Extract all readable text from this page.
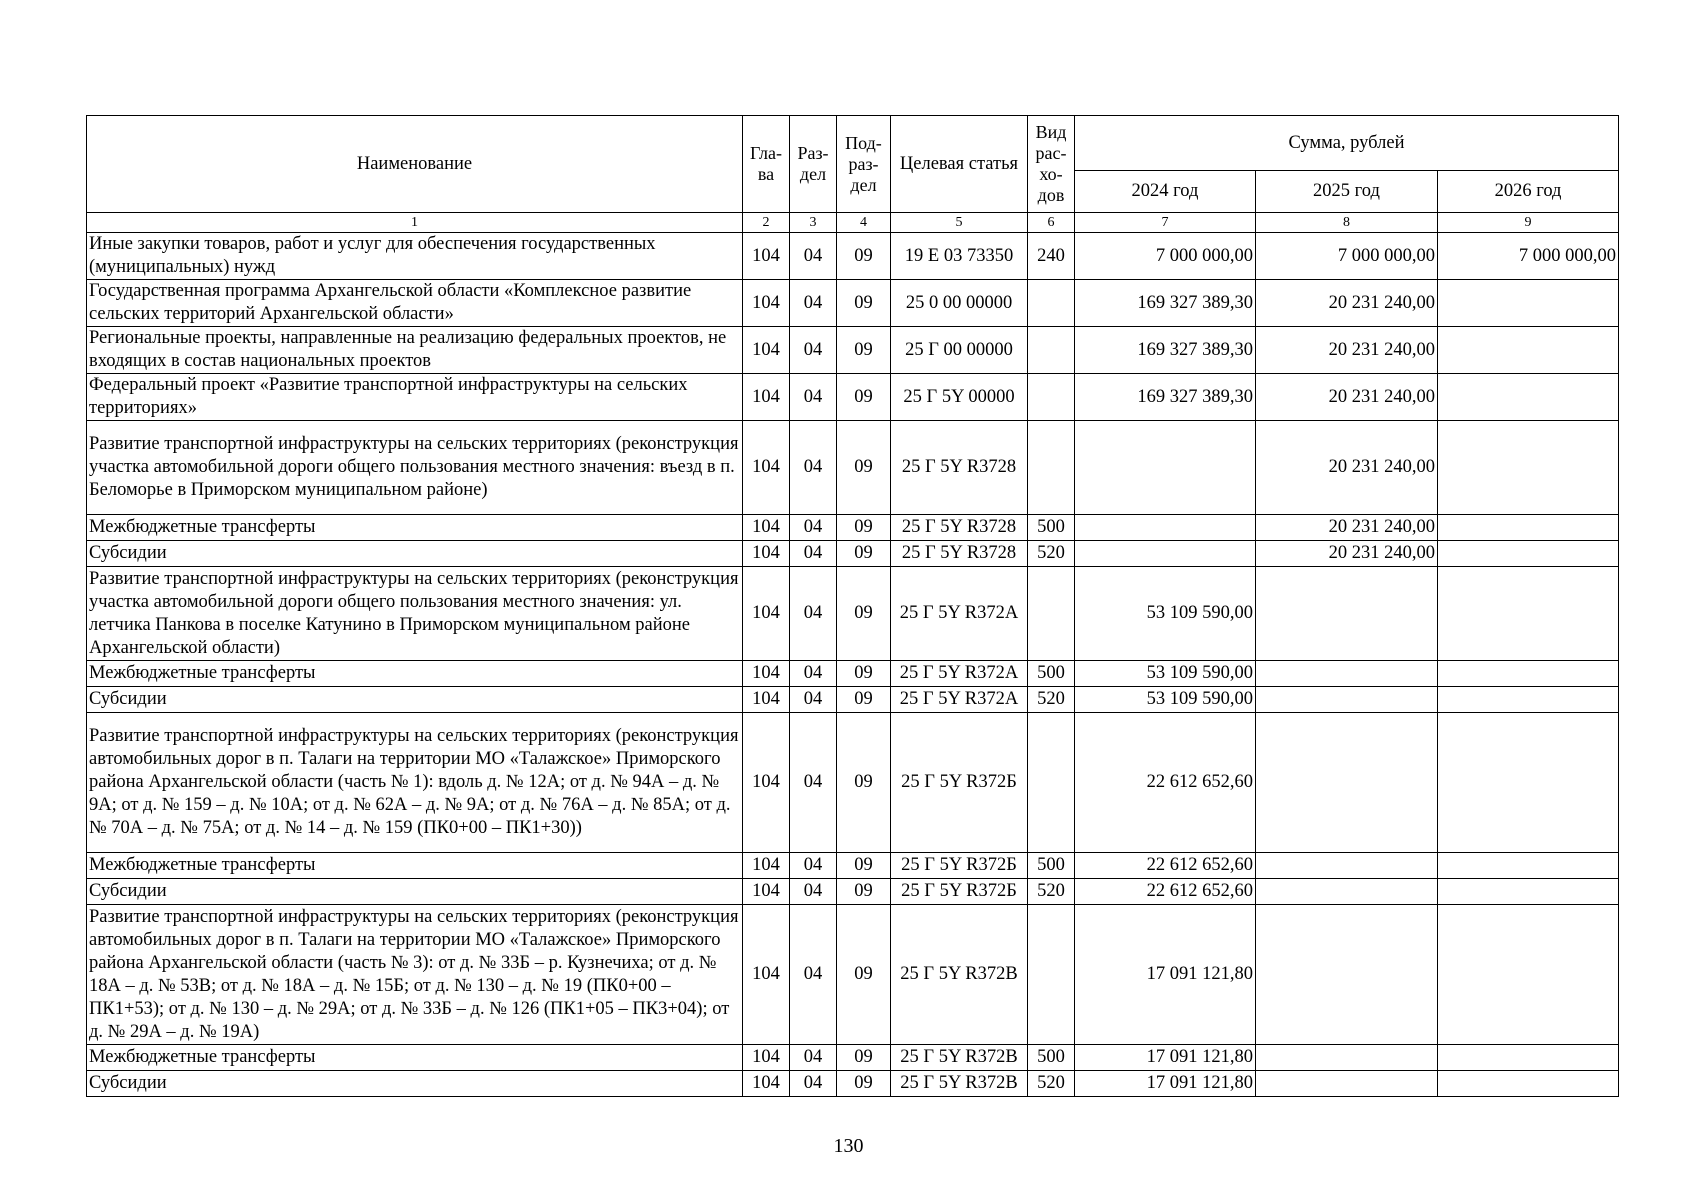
Наименование	Гла-ва	Раз-дел	Под-раз-дел	Целевая статья	Вид рас-хо-дов	Сумма, рублей		
						2024 год	2025 год	2026 год
1	2	3	4	5	6	7	8	9
Иные закупки товаров, работ и услуг для обеспечения государственных (муниципальных) нужд	104	04	09	19 Е 03 73350	240	7 000 000,00	7 000 000,00	7 000 000,00
Государственная программа Архангельской области «Комплексное развитие сельских территорий Архангельской области»	104	04	09	25 0 00 00000		169 327 389,30	20 231 240,00	
Региональные проекты, направленные на реализацию федеральных проектов, не входящих в состав национальных проектов	104	04	09	25 Г 00 00000		169 327 389,30	20 231 240,00	
Федеральный проект «Развитие транспортной инфраструктуры на сельских территориях»	104	04	09	25 Г 5Y 00000		169 327 389,30	20 231 240,00	
Развитие транспортной инфраструктуры на сельских территориях (реконструкция участка автомобильной дороги общего пользования местного значения: въезд в п. Беломорье в Приморском муниципальном районе)	104	04	09	25 Г 5Y R3728			20 231 240,00	
Межбюджетные трансферты	104	04	09	25 Г 5Y R3728	500		20 231 240,00	
Субсидии	104	04	09	25 Г 5Y R3728	520		20 231 240,00	
Развитие транспортной инфраструктуры на сельских территориях (реконструкция участка автомобильной дороги общего пользования местного значения: ул. летчика Панкова в поселке Катунино в Приморском муниципальном районе Архангельской области)	104	04	09	25 Г 5Y R372А		53 109 590,00		
Межбюджетные трансферты	104	04	09	25 Г 5Y R372А	500	53 109 590,00		
Субсидии	104	04	09	25 Г 5Y R372А	520	53 109 590,00		
Развитие транспортной инфраструктуры на сельских территориях (реконструкция автомобильных дорог в п. Талаги на территории МО «Талажское» Приморского района Архангельской области (часть № 1): вдоль д. № 12А; от д. № 94А – д. № 9А; от д. № 159 – д. № 10А; от д. № 62А – д. № 9А; от д. № 76А – д. № 85А; от д. № 70А – д. № 75А; от д. № 14 – д. № 159 (ПК0+00 – ПК1+30))	104	04	09	25 Г 5Y R372Б		22 612 652,60		
Межбюджетные трансферты	104	04	09	25 Г 5Y R372Б	500	22 612 652,60		
Субсидии	104	04	09	25 Г 5Y R372Б	520	22 612 652,60		
Развитие транспортной инфраструктуры на сельских территориях (реконструкция автомобильных дорог в п. Талаги на территории МО «Талажское» Приморского района Архангельской области (часть № 3): от д. № 33Б – р. Кузнечиха; от д. № 18А – д. № 53В; от д. № 18А – д. № 15Б; от д. № 130 – д. № 19 (ПК0+00 – ПК1+53); от д. № 130 – д. № 29А; от д. № 33Б – д. № 126 (ПК1+05 – ПК3+04); от д. № 29А – д. № 19А)	104	04	09	25 Г 5Y R372В		17 091 121,80		
Межбюджетные трансферты	104	04	09	25 Г 5Y R372В	500	17 091 121,80		
Субсидии	104	04	09	25 Г 5Y R372В	520	17 091 121,80		
130
